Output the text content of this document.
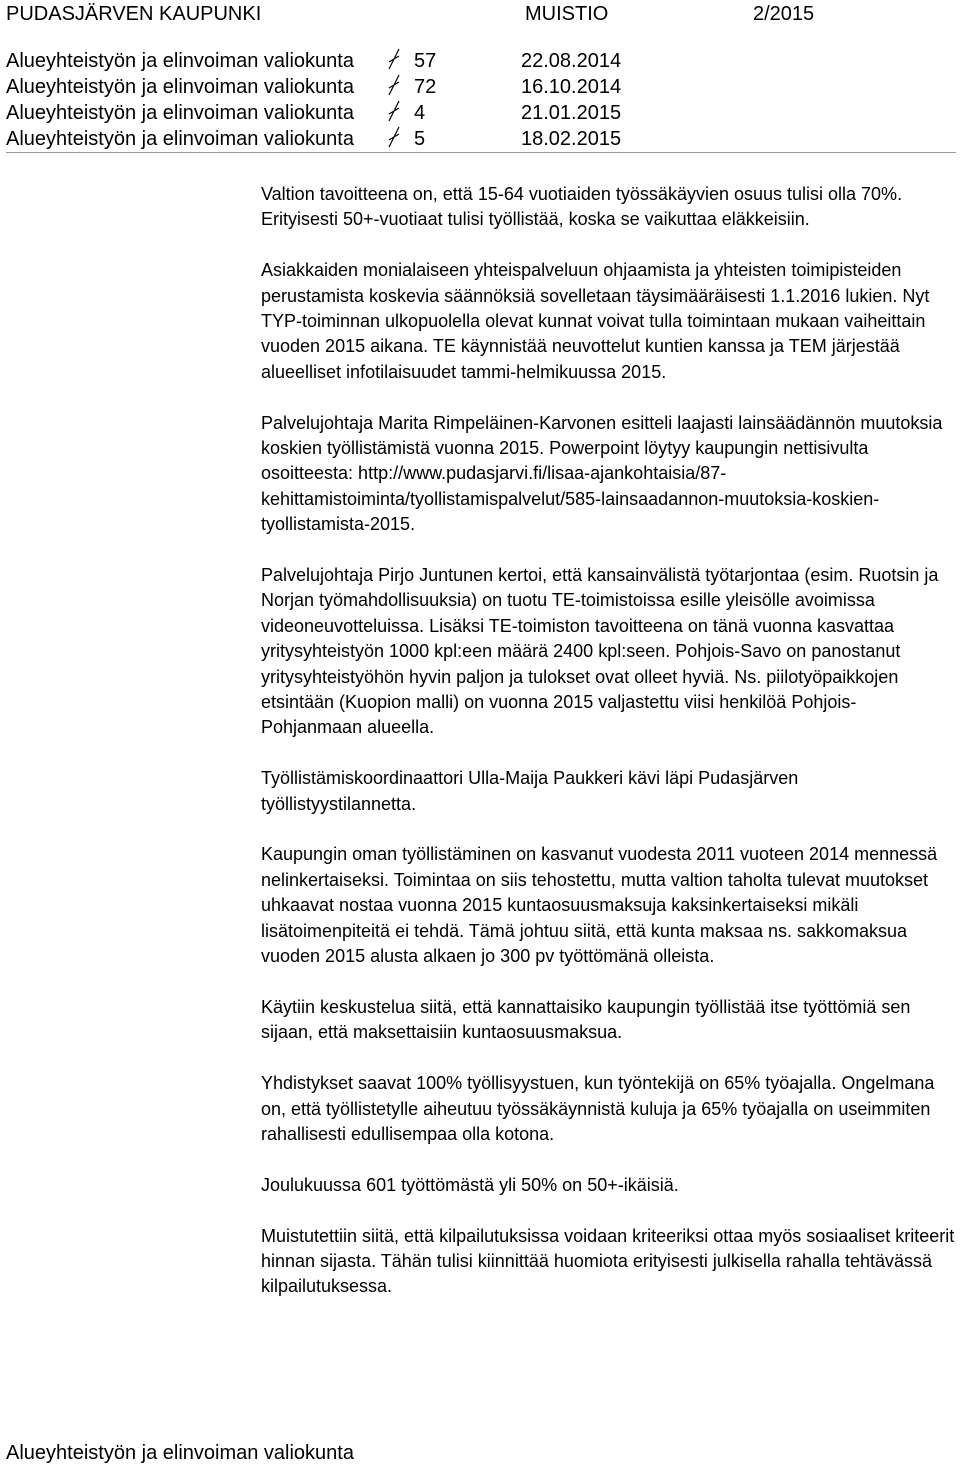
PUDASJÄRVEN KAUPUNKI	MUISTIO	2/2015
Alueyhteistyön ja elinvoiman valiokunta	57	22.08.2014
Alueyhteistyön ja elinvoiman valiokunta	72	16.10.2014
Alueyhteistyön ja elinvoiman valiokunta	4	21.01.2015
Alueyhteistyön ja elinvoiman valiokunta	5	18.02.2015

Valtion tavoitteena on, että 15-64 vuotiaiden työssäkäyvien osuus tulisi olla 70%. Erityisesti 50+-vuotiaat tulisi työllistää, koska se vaikuttaa eläkkeisiin.

Asiakkaiden monialaiseen yhteispalveluun ohjaamista ja yhteisten toimipisteiden perustamista koskevia säännöksiä sovelletaan täysimääräisesti 1.1.2016 lukien. Nyt TYP-toiminnan ulkopuolella olevat kunnat voivat tulla toimintaan mukaan vaiheittain vuoden 2015 aikana. TE käynnistää neuvottelut kuntien kanssa ja TEM järjestää alueelliset infotilaisuudet tammi-helmikuussa 2015.

Palvelujohtaja Marita Rimpeläinen-Karvonen esitteli laajasti lainsäädännön muutoksia koskien työllistämistä vuonna 2015. Powerpoint löytyy kaupungin nettisivulta osoitteesta: http://www.pudasjarvi.fi/lisaa-ajankohtaisia/87-kehittamistoiminta/tyollistamispalvelut/585-lainsaadannon-muutoksia-koskien-tyollistamista-2015.

Palvelujohtaja Pirjo Juntunen kertoi, että kansainvälistä työtarjontaa (esim. Ruotsin ja Norjan työmahdollisuuksia) on tuotu TE-toimistoissa esille yleisölle avoimissa videoneuvotteluissa. Lisäksi TE-toimiston tavoitteena on tänä vuonna kasvattaa yritysyhteistyön 1000 kpl:een määrä 2400 kpl:seen. Pohjois-Savo on panostanut yritysyhteistyöhön hyvin paljon ja tulokset ovat olleet hyviä. Ns. piilotyöpaikkojen etsintään (Kuopion malli) on vuonna 2015 valjastettu viisi henkilöä Pohjois-Pohjanmaan alueella.

Työllistämiskoordinaattori Ulla-Maija Paukkeri kävi läpi Pudasjärven työllistyystilannetta.

Kaupungin oman työllistäminen on kasvanut vuodesta 2011 vuoteen 2014 mennessä nelinkertaiseksi. Toimintaa on siis tehostettu, mutta valtion taholta tulevat muutokset uhkaavat nostaa vuonna 2015 kuntaosuusmaksuja kaksinkertaiseksi mikäli lisätoimenpiteitä ei tehdä. Tämä johtuu siitä, että kunta maksaa ns. sakkomaksua vuoden 2015 alusta alkaen jo 300 pv työttömänä olleista.

Käytiin keskustelua siitä, että kannattaisiko kaupungin työllistää itse työttömiä sen sijaan, että maksettaisiin kuntaosuusmaksua.

Yhdistykset saavat 100% työllisyystuen, kun työntekijä on 65% työajalla. Ongelmana on, että työllistetylle aiheutuu työssäkäynnistä kuluja ja 65% työajalla on useimmiten rahallisesti edullisempaa olla kotona.

Joulukuussa 601 työttömästä yli 50% on 50+-ikäisiä.

Muistutettiin siitä, että kilpailutuksissa voidaan kriteeriksi ottaa myös sosiaaliset kriteerit hinnan sijasta. Tähän tulisi kiinnittää huomiota erityisesti julkisella rahalla tehtävässä kilpailutuksessa.

Alueyhteistyön ja elinvoiman valiokunta
